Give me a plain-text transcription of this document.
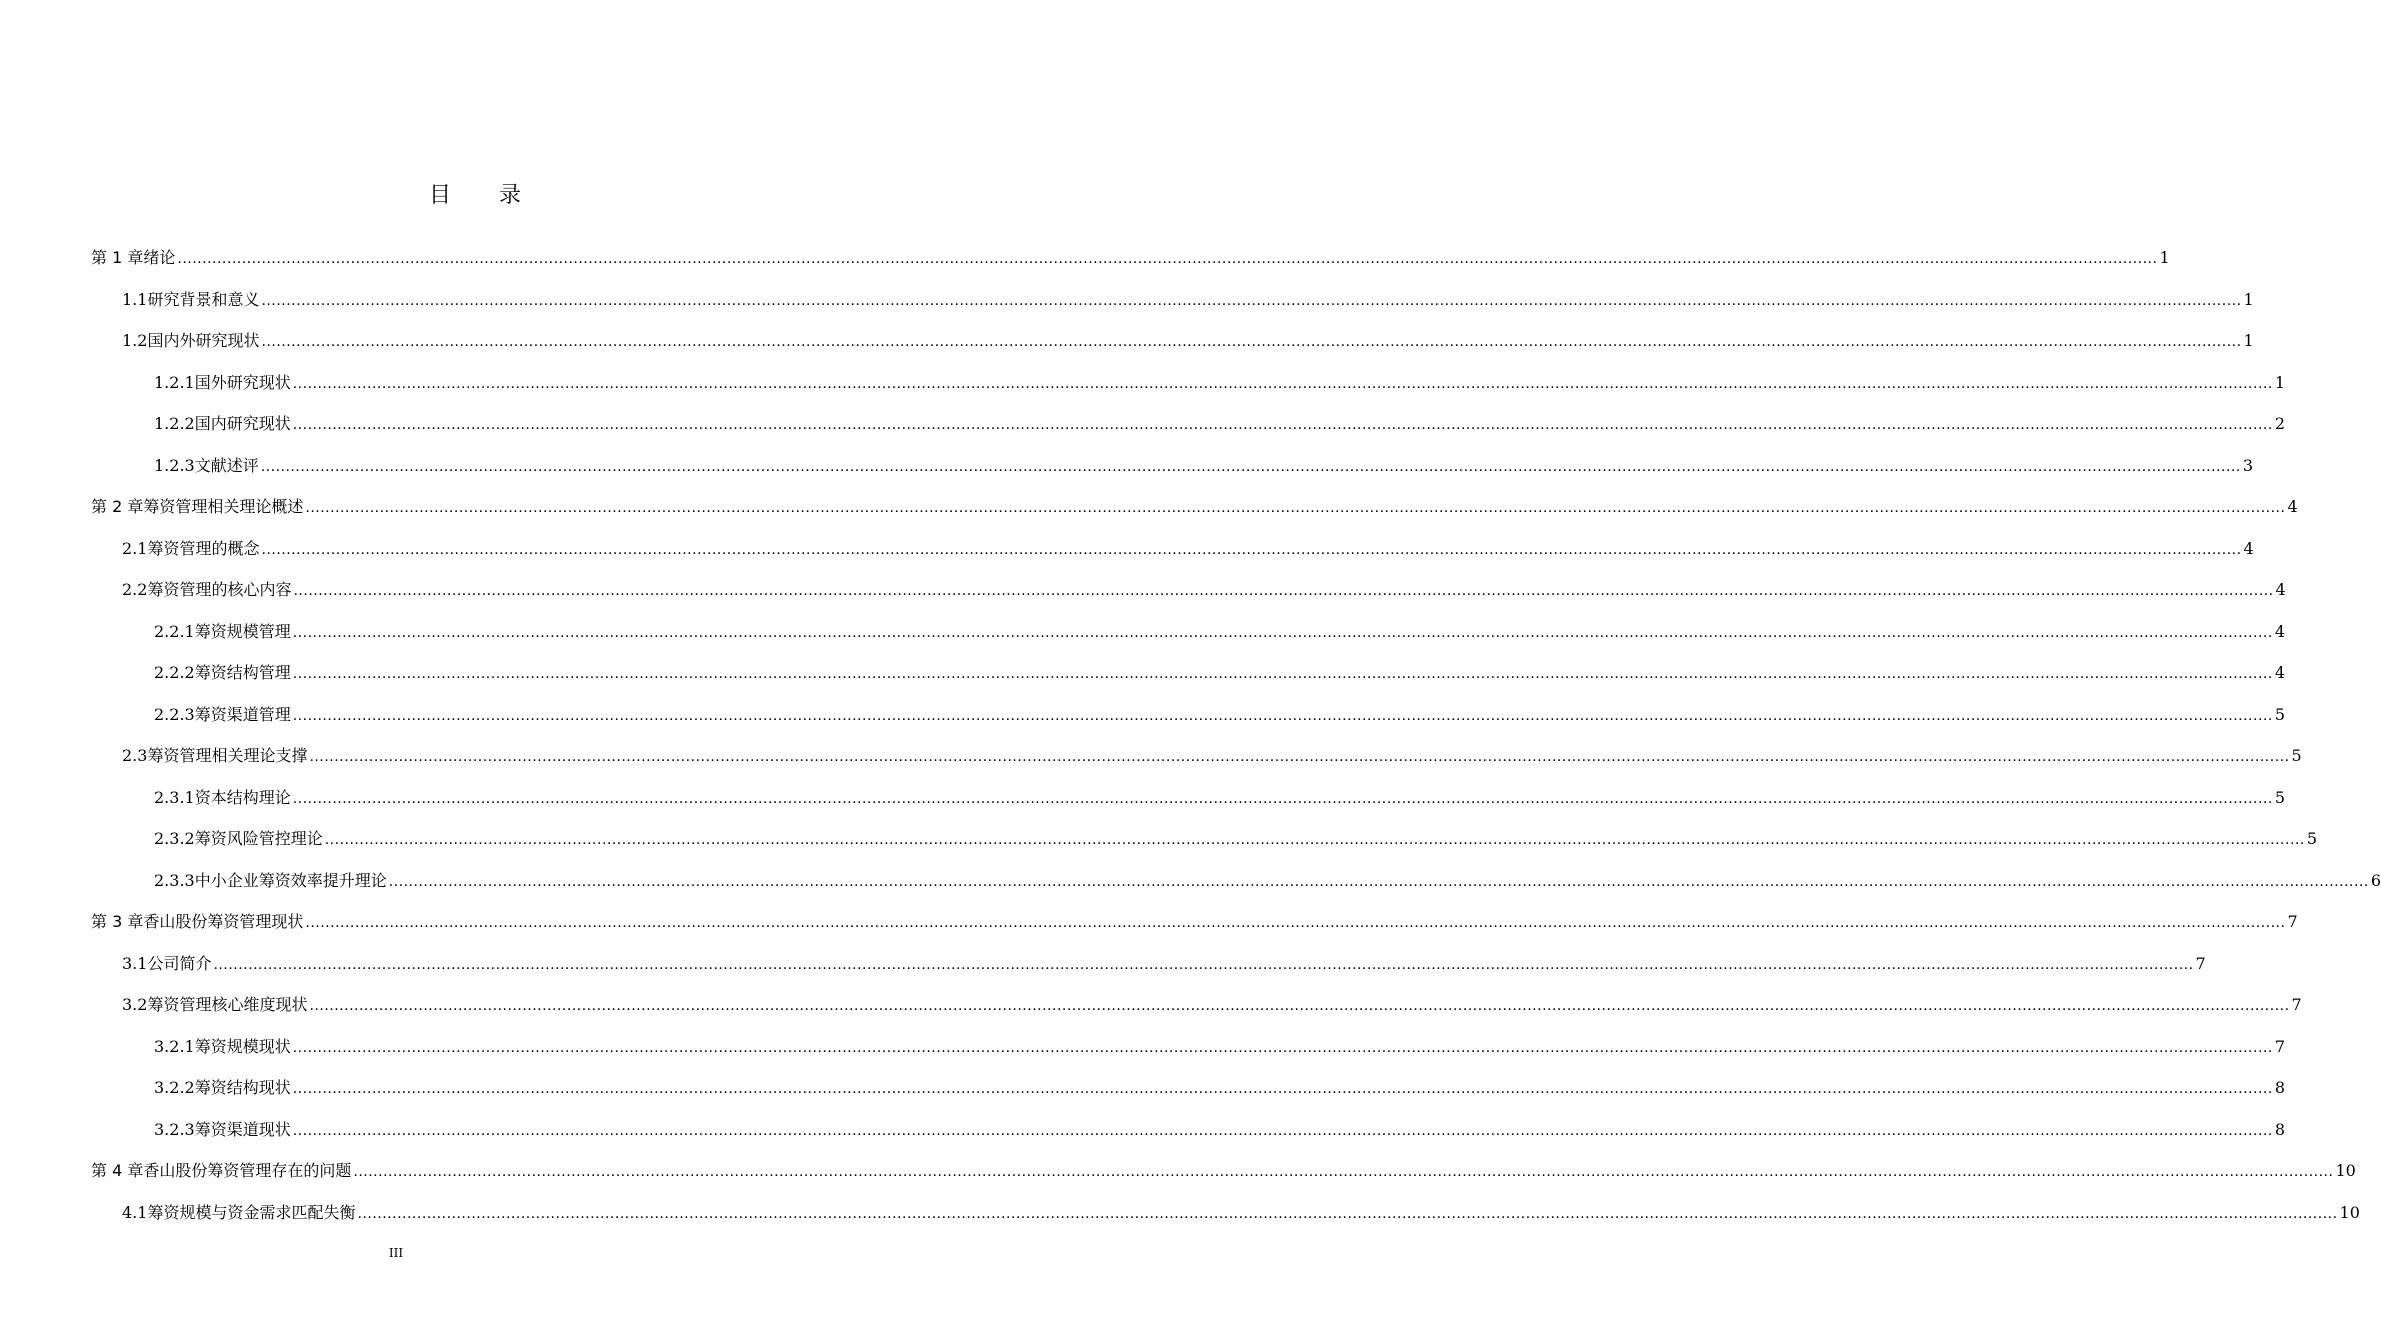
目 录
第 1 章 绪论 ................................................................................................................................................................................................................................................................................................................................................................................................................ 1
1.1 研究背景和意义 ................................................................................................................................................................................................................................................................................................................................................................................................................ 1
1.2 国内外研究现状 ................................................................................................................................................................................................................................................................................................................................................................................................................ 1
1.2.1 国外研究现状 ................................................................................................................................................................................................................................................................................................................................................................................................................ 1
1.2.2 国内研究现状 ................................................................................................................................................................................................................................................................................................................................................................................................................ 2
1.2.3 文献述评 ................................................................................................................................................................................................................................................................................................................................................................................................................ 3
第 2 章 筹资管理相关理论概述 ................................................................................................................................................................................................................................................................................................................................................................................................................ 4
2.1 筹资管理的概念 ................................................................................................................................................................................................................................................................................................................................................................................................................ 4
2.2 筹资管理的核心内容 ................................................................................................................................................................................................................................................................................................................................................................................................................ 4
2.2.1 筹资规模管理 ................................................................................................................................................................................................................................................................................................................................................................................................................ 4
2.2.2 筹资结构管理 ................................................................................................................................................................................................................................................................................................................................................................................................................ 4
2.2.3 筹资渠道管理 ................................................................................................................................................................................................................................................................................................................................................................................................................ 5
2.3 筹资管理相关理论支撑 ................................................................................................................................................................................................................................................................................................................................................................................................................ 5
2.3.1 资本结构理论 ................................................................................................................................................................................................................................................................................................................................................................................................................ 5
2.3.2 筹资风险管控理论 ................................................................................................................................................................................................................................................................................................................................................................................................................ 5
2.3.3 中小企业筹资效率提升理论 ................................................................................................................................................................................................................................................................................................................................................................................................................ 6
第 3 章 香山股份筹资管理现状 ................................................................................................................................................................................................................................................................................................................................................................................................................ 7
3.1 公司简介 ................................................................................................................................................................................................................................................................................................................................................................................................................ 7
3.2 筹资管理核心维度现状 ................................................................................................................................................................................................................................................................................................................................................................................................................ 7
3.2.1 筹资规模现状 ................................................................................................................................................................................................................................................................................................................................................................................................................ 7
3.2.2 筹资结构现状 ................................................................................................................................................................................................................................................................................................................................................................................................................ 8
3.2.3 筹资渠道现状 ................................................................................................................................................................................................................................................................................................................................................................................................................ 8
第 4 章 香山股份筹资管理存在的问题 ................................................................................................................................................................................................................................................................................................................................................................................................................ 10
4.1 筹资规模与资金需求匹配失衡 ................................................................................................................................................................................................................................................................................................................................................................................................................ 10
III
